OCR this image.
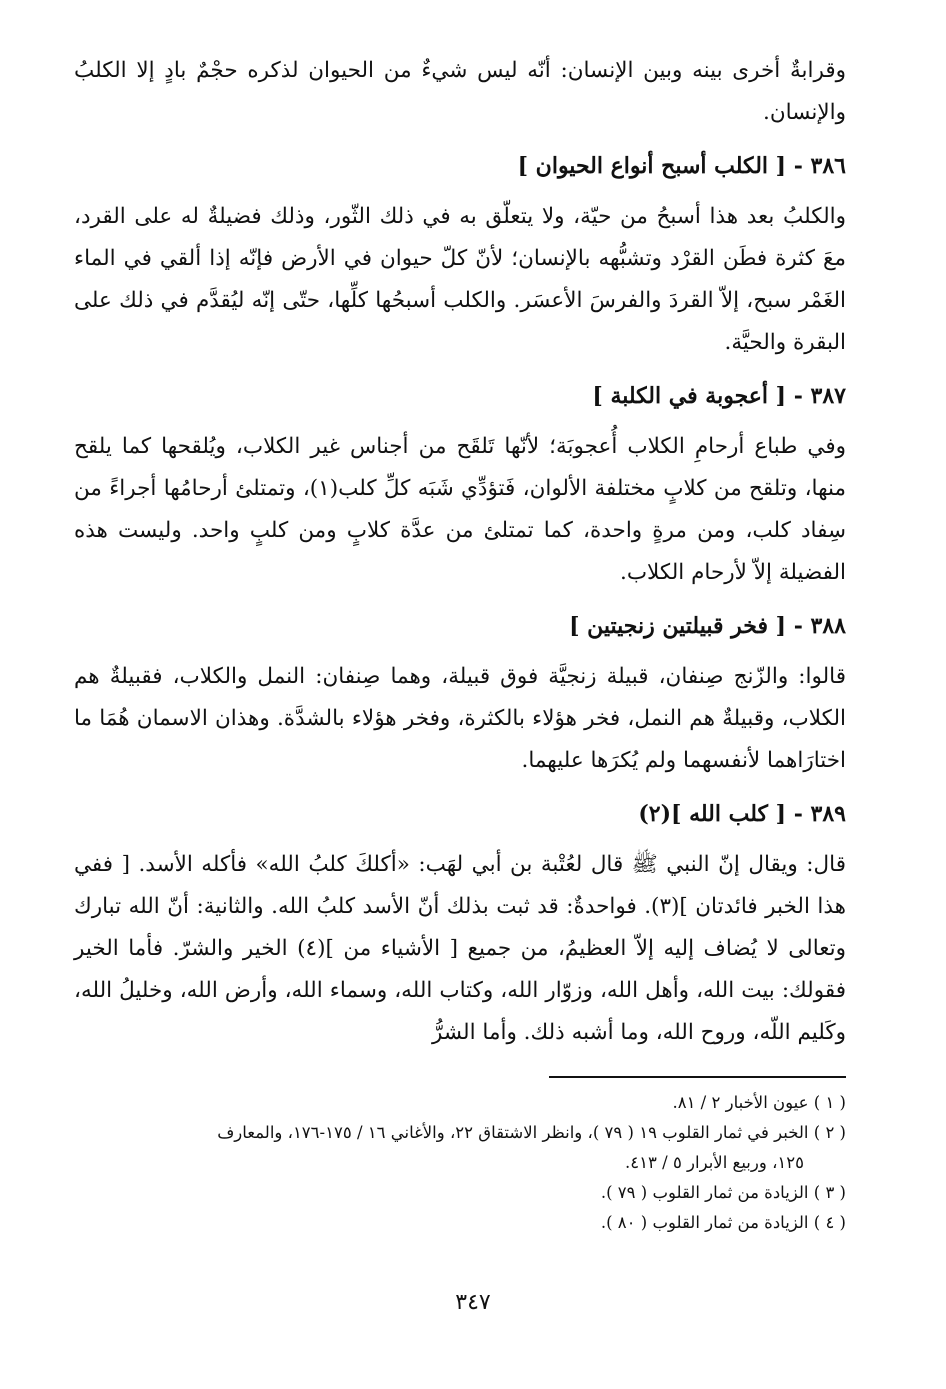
وقرابةٌ أخرى بينه وبين الإنسان: أنّه ليس شيءٌ من الحيوان لذكره حجْمٌ بادٍ إلا الكلبُ والإنسان.

٣٨٦ - [ الكلب أسبح أنواع الحيوان ]

والكلبُ بعد هذا أسبحُ من حيّة، ولا يتعلّق به في ذلك الثّور، وذلك فضيلةٌ له على القرد، معَ كثرة فطَن القرْد وتشبُّهه بالإنسان؛ لأنّ كلّ حيوان في الأرض فإنّه إذا ألقي في الماء الغَمْر سبح، إلاّ القردَ والفرسَ الأعسَر. والكلب أسبحُها كلِّها، حتّى إنّه ليُقدَّم في ذلك على البقرة والحيَّة.

٣٨٧ - [ أعجوبة في الكلبة ]

وفي طباع أرحامِ الكلاب أُعجوبَة؛ لأنّها تَلقَح من أجناس غير الكلاب، ويُلقحها كما يلقح منها، وتلقح من كلابٍ مختلفة الألوان، فَتؤدِّي شَبَه كلِّ كلب(١)، وتمتلئ أرحامُها أجراءً من سِفاد كلب، ومن مرةٍ واحدة، كما تمتلئ من عدَّة كلابٍ ومن كلبٍ واحد. وليست هذه الفضيلة إلاّ لأرحام الكلاب.

٣٨٨ - [ فخر قبيلتين زنجيتين ]

قالوا: والزّنج صِنفان، قبيلة زنجيَّة فوق قبيلة، وهما صِنفان: النمل والكلاب، فقبيلةٌ هم الكلاب، وقبيلةٌ هم النمل، فخر هؤلاء بالكثرة، وفخر هؤلاء بالشدَّة. وهذان الاسمان هُمَا ما اختارَاهما لأنفسهما ولم يُكرَها عليهما.

٣٨٩ - [ كلب الله ](٢)

قال: ويقال إنّ النبي ﷺ قال لعُتْبة بن أبي لهَب: «أكلكَ كلبُ الله» فأكله الأسد. [ ففي هذا الخبر فائدتان ](٣). فواحدةٌ: قد ثبت بذلك أنّ الأسد كلبُ الله. والثانية: أنّ الله تبارك وتعالى لا يُضاف إليه إلاّ العظيمُ، من جميع [ الأشياء من ](٤) الخير والشرّ. فأما الخير فقولك: بيت الله، وأهل الله، وزوّار الله، وكتاب الله، وسماء الله، وأرض الله، وخليلُ الله، وكَليم اللّه، وروح الله، وما أشبه ذلك. وأما الشرُّ

( ١ ) عيون الأخبار ٢ / ٨١.

( ٢ ) الخبر في ثمار القلوب ١٩ ( ٧٩ )، وانظر الاشتقاق ٢٢، والأغاني ١٦ / ١٧٥-١٧٦، والمعارف

١٢٥، وربيع الأبرار ٥ / ٤١٣.

( ٣ ) الزيادة من ثمار القلوب ( ٧٩ ).

( ٤ ) الزيادة من ثمار القلوب ( ٨٠ ).

٣٤٧
